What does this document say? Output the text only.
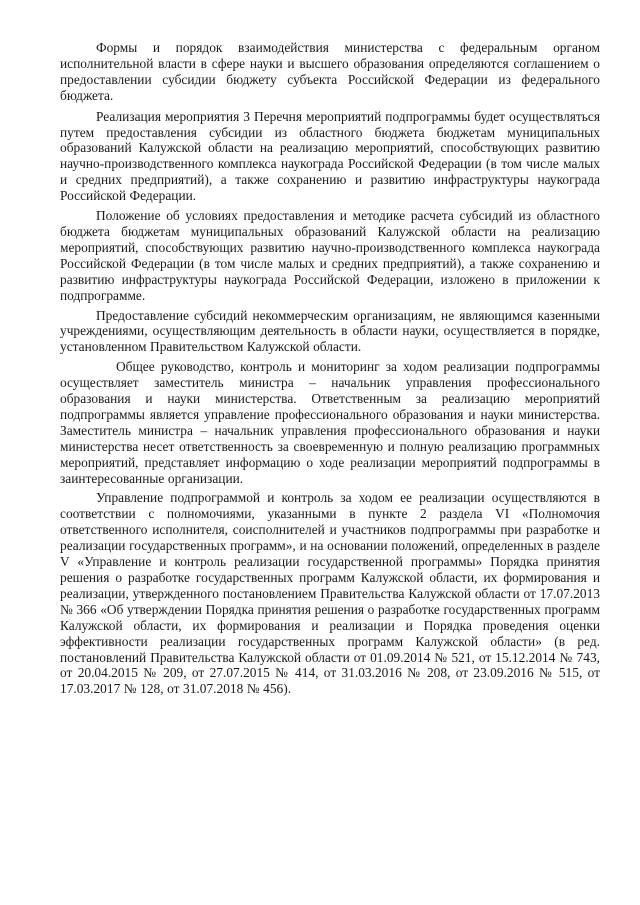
Формы и порядок взаимодействия министерства с федеральным органом исполнительной власти в сфере науки и высшего образования определяются соглашением о предоставлении субсидии бюджету субъекта Российской Федерации из федерального бюджета.

Реализация мероприятия 3 Перечня мероприятий подпрограммы будет осуществляться путем предоставления субсидии из областного бюджета бюджетам муниципальных образований Калужской области на реализацию мероприятий, способствующих развитию научно-производственного комплекса наукограда Российской Федерации (в том числе малых и средних предприятий), а также сохранению и развитию инфраструктуры наукограда Российской Федерации.

Положение об условиях предоставления и методике расчета субсидий из областного бюджета бюджетам муниципальных образований Калужской области на реализацию мероприятий, способствующих развитию научно-производственного комплекса наукограда Российской Федерации (в том числе малых и средних предприятий), а также сохранению и развитию инфраструктуры наукограда Российской Федерации, изложено в приложении к подпрограмме.

Предоставление субсидий некоммерческим организациям, не являющимся казенными учреждениями, осуществляющим деятельность в области науки, осуществляется в порядке, установленном Правительством Калужской области.

Общее руководство, контроль и мониторинг за ходом реализации подпрограммы осуществляет заместитель министра – начальник управления профессионального образования и науки министерства. Ответственным за реализацию мероприятий подпрограммы является управление профессионального образования и науки министерства. Заместитель министра – начальник управления профессионального образования и науки министерства несет ответственность за своевременную и полную реализацию программных мероприятий, представляет информацию о ходе реализации мероприятий подпрограммы в заинтересованные организации.

Управление подпрограммой и контроль за ходом ее реализации осуществляются в соответствии с полномочиями, указанными в пункте 2 раздела VI «Полномочия ответственного исполнителя, соисполнителей и участников подпрограммы при разработке и реализации государственных программ», и на основании положений, определенных в разделе V «Управление и контроль реализации государственной программы» Порядка принятия решения о разработке государственных программ Калужской области, их формирования и реализации, утвержденного постановлением Правительства Калужской области от 17.07.2013 № 366 «Об утверждении Порядка принятия решения о разработке государственных программ Калужской области, их формирования и реализации и Порядка проведения оценки эффективности реализации государственных программ Калужской области» (в ред. постановлений Правительства Калужской области от 01.09.2014 № 521, от 15.12.2014 № 743, от 20.04.2015 № 209, от 27.07.2015 № 414, от 31.03.2016 № 208, от 23.09.2016 № 515, от 17.03.2017 № 128, от 31.07.2018 № 456).
